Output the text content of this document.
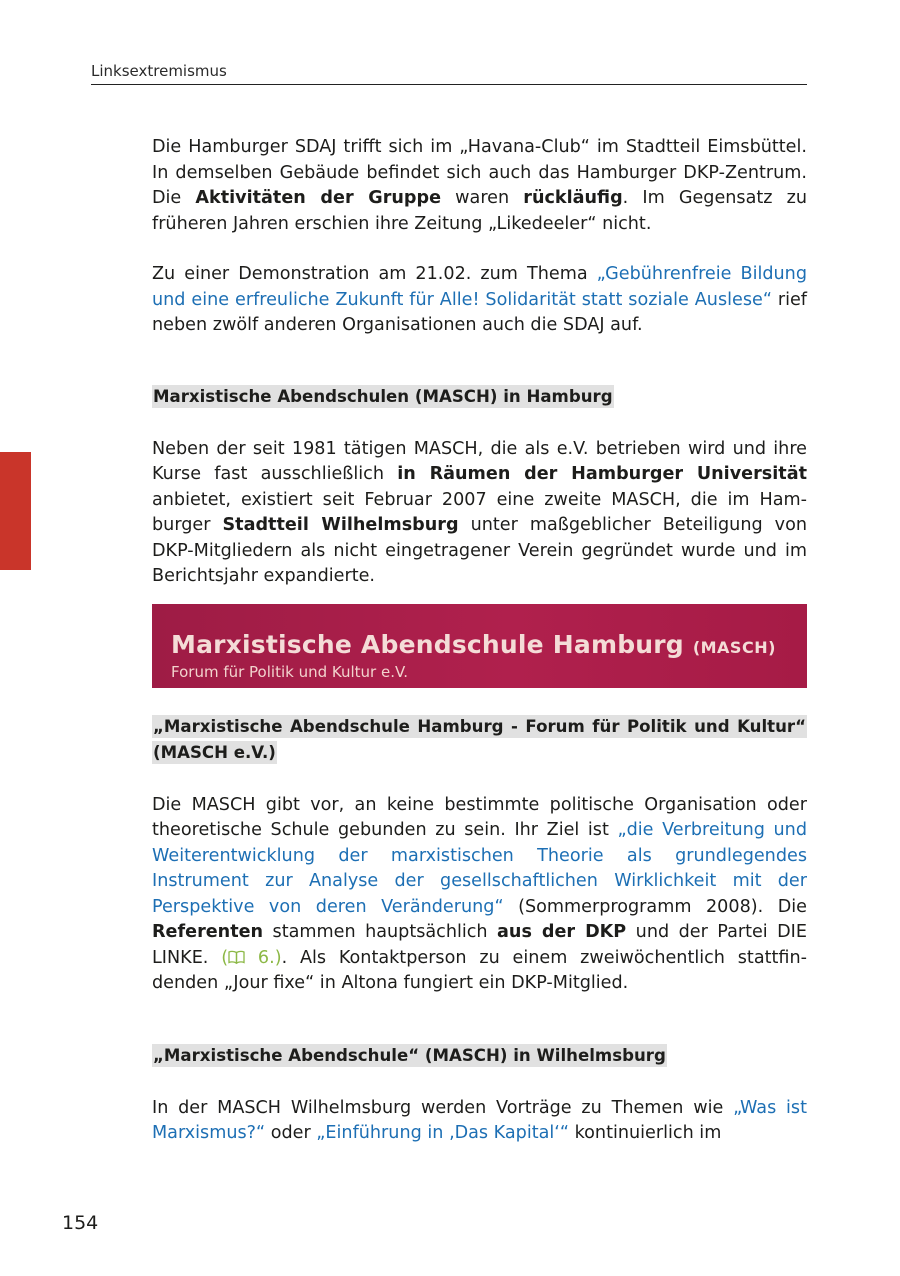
Linksextremismus

Die Hamburger SDAJ trifft sich im „Havana-Club“ im Stadtteil Eimsbüttel. In demselben Gebäude befindet sich auch das Hamburger DKP-Zentrum. Die Aktivitäten der Gruppe waren rückläufig. Im Gegensatz zu früheren Jahren erschien ihre Zeitung „Likedeeler“ nicht.

Zu einer Demonstration am 21.02. zum Thema „Gebührenfreie Bildung und eine erfreuliche Zukunft für Alle! Solidarität statt soziale Auslese“ rief neben zwölf anderen Organisationen auch die SDAJ auf.

Marxistische Abendschulen (MASCH) in Hamburg

Neben der seit 1981 tätigen MASCH, die als e.V. betrieben wird und ihre Kurse fast ausschließlich in Räumen der Hamburger Universität anbietet, existiert seit Februar 2007 eine zweite MASCH, die im Hamburger Stadtteil Wilhelmsburg unter maßgeblicher Beteiligung von DKP-Mitgliedern als nicht eingetragener Verein gegründet wurde und im Berichtsjahr expandierte.

Marxistische Abendschule Hamburg (MASCH)
Forum für Politik und Kultur e.V.

„Marxistische Abendschule Hamburg - Forum für Politik und Kultur“ (MASCH e.V.)

Die MASCH gibt vor, an keine bestimmte politische Organisation oder theoretische Schule gebunden zu sein. Ihr Ziel ist „die Verbreitung und Weiterentwicklung der marxistischen Theorie als grundlegendes Instrument zur Analyse der gesellschaftlichen Wirklichkeit mit der Perspektive von deren Veränderung“ (Sommerprogramm 2008). Die Referenten stammen hauptsächlich aus der DKP und der Partei DIE LINKE. (
6.). Als Kontaktperson zu einem zweiwöchentlich stattfindenden „Jour fixe“ in Altona fungiert ein DKP-Mitglied.

„Marxistische Abendschule“ (MASCH) in Wilhelmsburg

In der MASCH Wilhelmsburg werden Vorträge zu Themen wie „Was ist Marxismus?“ oder „Einführung in ‚Das Kapital‘“ kontinuierlich im

154
